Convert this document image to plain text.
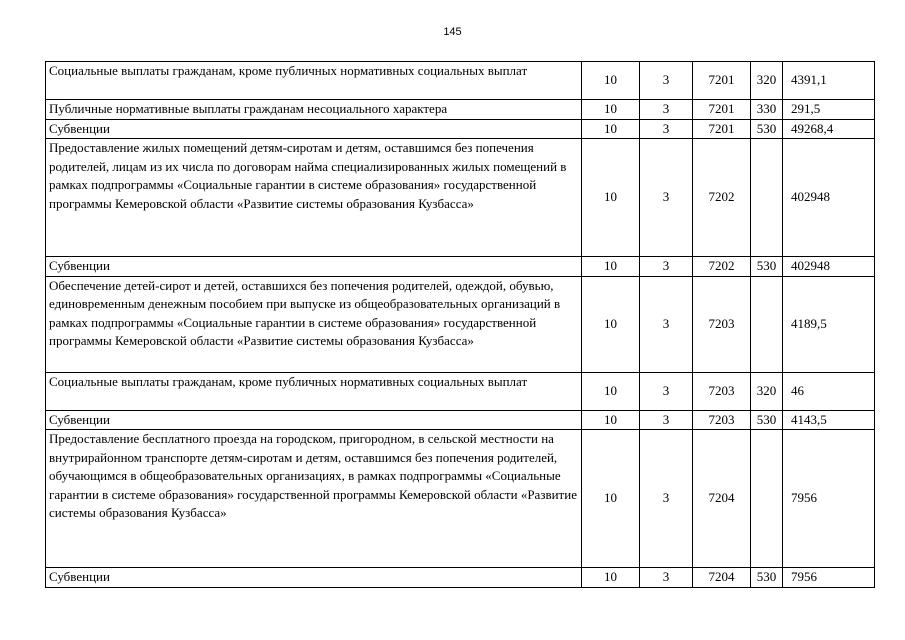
145
Социальные выплаты гражданам, кроме публичных нормативных социальных выплат	10	3	7201	320	4391,1
Публичные нормативные выплаты гражданам несоциального характера	10	3	7201	330	291,5
Субвенции	10	3	7201	530	49268,4
Предоставление жилых помещений детям-сиротам и детям, оставшимся без попечения родителей, лицам из их числа по договорам найма специализированных жилых помещений в рамках подпрограммы «Социальные гарантии в системе образования» государственной программы Кемеровской области «Развитие системы образования Кузбасса»	10	3	7202		402948
Субвенции	10	3	7202	530	402948
Обеспечение детей-сирот и детей, оставшихся без попечения родителей, одеждой, обувью, единовременным денежным пособием при выпуске из общеобразовательных организаций в рамках подпрограммы «Социальные гарантии в системе образования» государственной программы Кемеровской области «Развитие системы образования Кузбасса»	10	3	7203		4189,5
Социальные выплаты гражданам, кроме публичных нормативных социальных выплат	10	3	7203	320	46
Субвенции	10	3	7203	530	4143,5
Предоставление бесплатного проезда на городском, пригородном, в сельской местности на внутрирайонном транспорте детям-сиротам и детям, оставшимся без попечения родителей, обучающимся в общеобразовательных организациях, в рамках подпрограммы «Социальные гарантии в системе образования» государственной программы Кемеровской области «Развитие системы образования Кузбасса»	10	3	7204		7956
Субвенции	10	3	7204	530	7956
